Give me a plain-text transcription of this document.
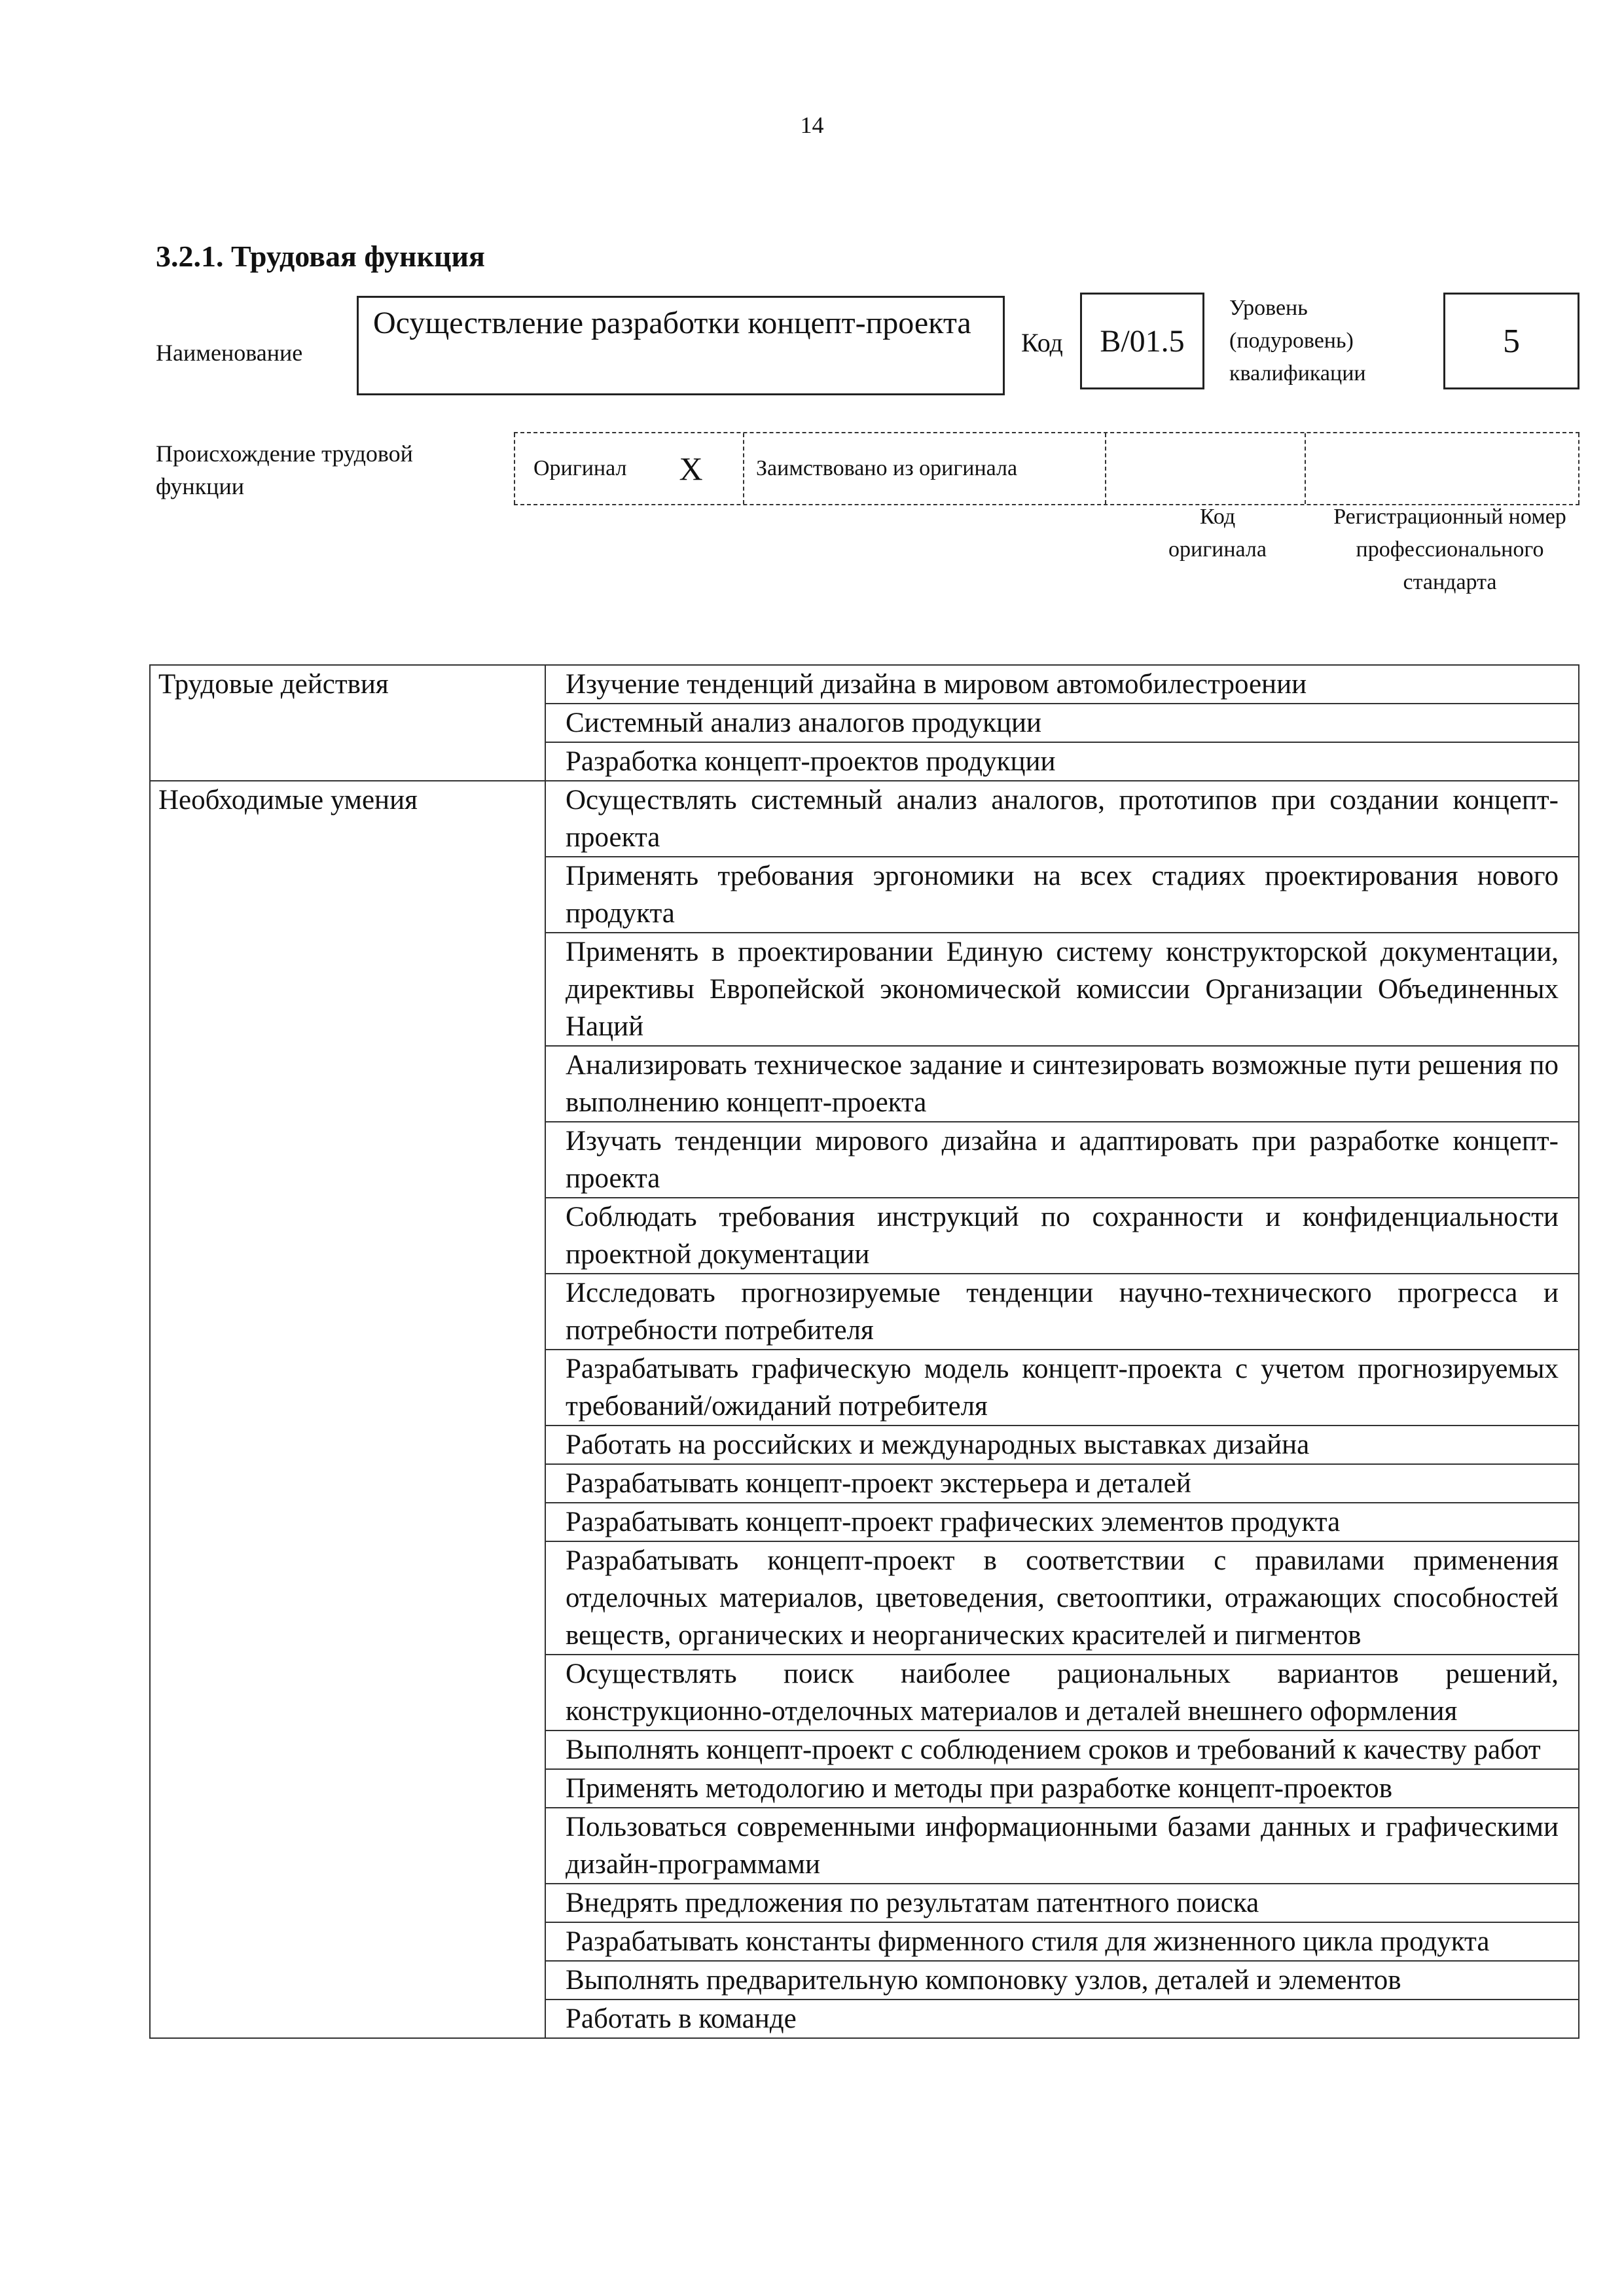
14
3.2.1. Трудовая функция
Наименование
Осуществление разработки концепт-проекта
Код B/01.5
Уровень
(подуровень)
квалификации
5
Происхождение трудовой функции
Оригинал X Заимствовано из оригинала
Код
оригинала
Регистрационный номер профессионального стандарта
Трудовые действия	Изучение тенденций дизайна в мировом автомобилестроении
	Системный анализ аналогов продукции
	Разработка концепт-проектов продукции
Необходимые умения	Осуществлять системный анализ аналогов, прототипов при создании концепт-проекта
	Применять требования эргономики на всех стадиях проектирования нового продукта
	Применять в проектировании Единую систему конструкторской документации, директивы Европейской экономической комиссии Организации Объединенных Наций
	Анализировать техническое задание и синтезировать возможные пути решения по выполнению концепт-проекта
	Изучать тенденции мирового дизайна и адаптировать при разработке концепт-проекта
	Соблюдать требования инструкций по сохранности и конфиденциальности проектной документации
	Исследовать прогнозируемые тенденции научно-технического прогресса и потребности потребителя
	Разрабатывать графическую модель концепт-проекта с учетом прогнозируемых требований/ожиданий потребителя
	Работать на российских и международных выставках дизайна
	Разрабатывать концепт-проект экстерьера и деталей
	Разрабатывать концепт-проект графических элементов продукта
	Разрабатывать концепт-проект в соответствии с правилами применения отделочных материалов, цветоведения, светооптики, отражающих способностей веществ, органических и неорганических красителей и пигментов
	Осуществлять поиск наиболее рациональных вариантов решений, конструкционно-отделочных материалов и деталей внешнего оформления
	Выполнять концепт-проект с соблюдением сроков и требований к качеству работ
	Применять методологию и методы при разработке концепт-проектов
	Пользоваться современными информационными базами данных и графическими дизайн-программами
	Внедрять предложения по результатам патентного поиска
	Разрабатывать константы фирменного стиля для жизненного цикла продукта
	Выполнять предварительную компоновку узлов, деталей и элементов
	Работать в команде
